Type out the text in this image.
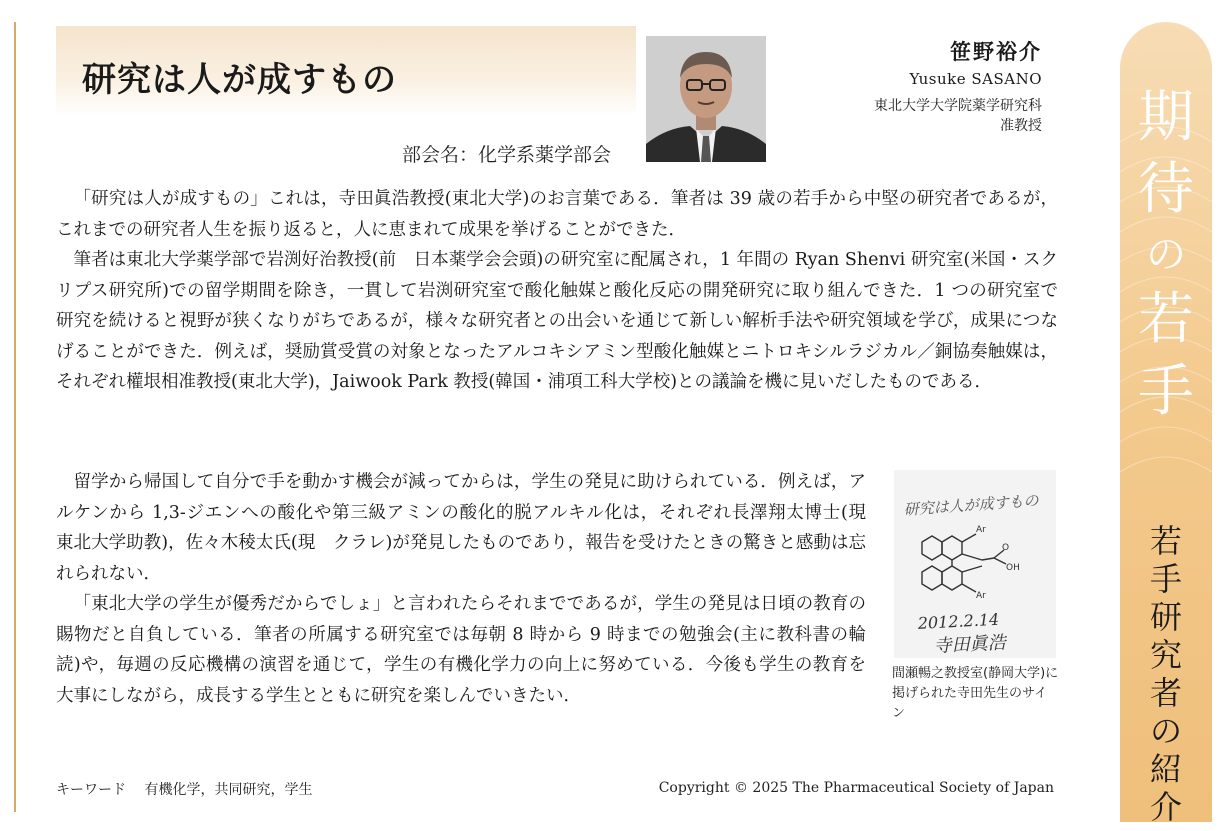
研究は人が成すもの
部会名：化学系薬学部会
笹野裕介
Yusuke SASANO
東北大学大学院薬学研究科
准教授

「研究は人が成すもの」これは，寺田眞浩教授(東北大学)のお言葉である．筆者は 39 歳の若手から中堅の研究者であるが，これまでの研究者人生を振り返ると，人に恵まれて成果を挙げることができた．

筆者は東北大学薬学部で岩渕好治教授(前　日本薬学会会頭)の研究室に配属され，1 年間の Ryan Shenvi 研究室(米国・スクリプス研究所)での留学期間を除き，一貫して岩渕研究室で酸化触媒と酸化反応の開発研究に取り組んできた．1 つの研究室で研究を続けると視野が狭くなりがちであるが，様々な研究者との出会いを通じて新しい解析手法や研究領域を学び，成果につなげることができた．例えば，奨励賞受賞の対象となったアルコキシアミン型酸化触媒とニトロキシルラジカル／銅協奏触媒は，それぞれ權垠相准教授(東北大学)，Jaiwook Park 教授(韓国・浦項工科大学校)との議論を機に見いだしたものである．

留学から帰国して自分で手を動かす機会が減ってからは，学生の発見に助けられている．例えば，アルケンから 1,3-ジエンへの酸化や第三級アミンの酸化的脱アルキル化は，それぞれ長澤翔太博士(現　東北大学助教)，佐々木稜太氏(現　クラレ)が発見したものであり，報告を受けたときの驚きと感動は忘れられない．

「東北大学の学生が優秀だからでしょ」と言われたらそれまでであるが，学生の発見は日頃の教育の賜物だと自負している．筆者の所属する研究室では毎朝 8 時から 9 時までの勉強会(主に教科書の輪読)や，毎週の反応機構の演習を通じて，学生の有機化学力の向上に努めている．今後も学生の教育を大事にしながら，成長する学生とともに研究を楽しんでいきたい．

研究は人が成すもの
Ar
Ar
O
OH
2012.2.14
寺田眞浩
間瀬暢之教授室(静岡大学)に掲げられた寺田先生のサイン
キーワード 有機化学，共同研究，学生	Copyright © 2025 The Pharmaceutical Society of Japan
期
待
の
若
手
若
手
研
究
者
の
紹
介
